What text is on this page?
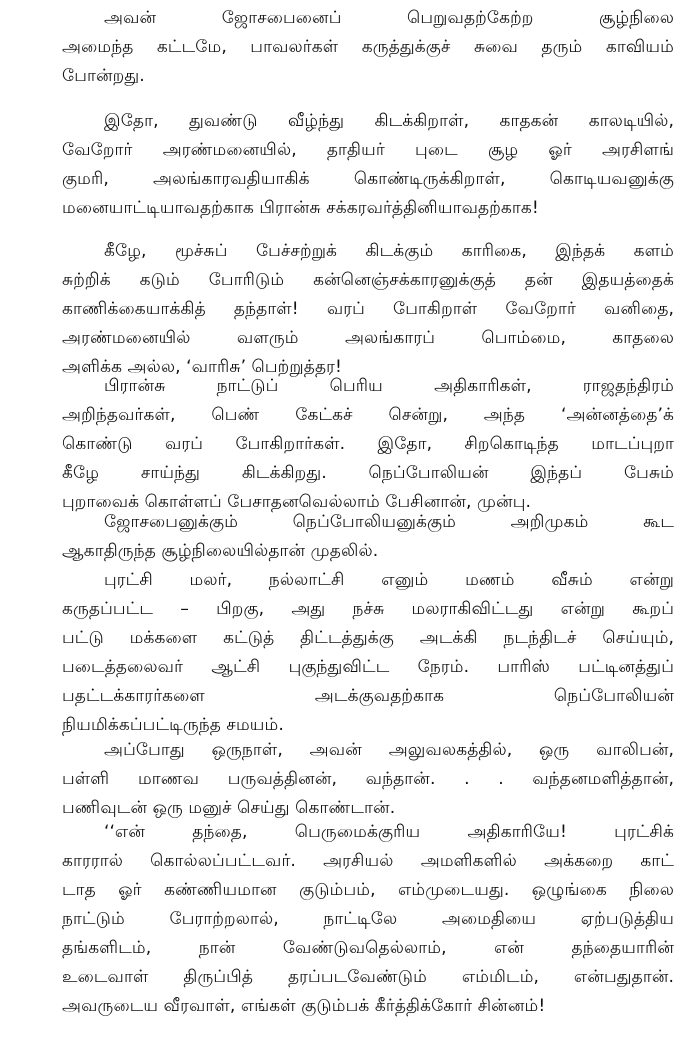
அவன் ஜோசபைனைப் பெறுவதற்கேற்ற சூழ்நிலை
அமைந்த கட்டமே, பாவலர்கள் கருத்துக்குச் சுவை தரும் காவியம்
போன்றது.
இதோ, துவண்டு வீழ்ந்து கிடக்கிறாள், காதகன் காலடியில்,
வேறோர் அரண்மனையில், தாதியர் புடை சூழ ஓர் அரசிளங்
குமரி, அலங்காரவதியாகிக் கொண்டிருக்கிறாள், கொடியவனுக்கு
மனையாட்டியாவதற்காக பிரான்சு சக்கரவர்த்தினியாவதற்காக!
கீழே, மூச்சுப் பேச்சற்றுக் கிடக்கும் காரிகை, இந்தக் களம்
சுற்றிக் கடும் போரிடும் கன்னெஞ்சக்காரனுக்குத் தன் இதயத்தைக்
காணிக்கையாக்கித் தந்தாள்! வரப் போகிறாள் வேறோர் வனிதை,
அரண்மனையில் வளரும் அலங்காரப் பொம்மை, காதலை
அளிக்க அல்ல, ‘வாரிசு’ பெற்றுத்தர!
பிரான்சு நாட்டுப் பெரிய அதிகாரிகள், ராஜதந்திரம்
அறிந்தவர்கள், பெண் கேட்கச் சென்று, அந்த ‘அன்னத்தை’க்
கொண்டு வரப் போகிறார்கள். இதோ, சிறகொடிந்த மாடப்புறா
கீழே சாய்ந்து கிடக்கிறது. நெப்போலியன் இந்தப் பேசும்
புறாவைக் கொள்ளப் பேசாதனவெல்லாம் பேசினான், முன்பு.
ஜோசபைனுக்கும் நெப்போலியனுக்கும் அறிமுகம் கூட
ஆகாதிருந்த சூழ்நிலையில்தான் முதலில்.
புரட்சி மலர், நல்லாட்சி எனும் மணம் வீசும் என்று
கருதப்பட்ட – பிறகு, அது நச்சு மலராகிவிட்டது என்று கூறப்
பட்டு மக்களை கட்டுத் திட்டத்துக்கு அடக்கி நடந்திடச் செய்யும்,
படைத்தலைவர் ஆட்சி புகுந்துவிட்ட நேரம். பாரிஸ் பட்டினத்துப்
பதட்டக்காரர்களை அடக்குவதற்காக நெப்போலியன்
நியமிக்கப்பட்டிருந்த சமயம்.
அப்போது ஒருநாள், அவன் அலுவலகத்தில், ஒரு வாலிபன்,
பள்ளி மாணவ பருவத்தினன், வந்தான். . . வந்தனமளித்தான்,
பணிவுடன் ஒரு மனுச் செய்து கொண்டான்.
‘‘என் தந்தை, பெருமைக்குரிய அதிகாரியே! புரட்சிக்
காரரால் கொல்லப்பட்டவர். அரசியல் அமளிகளில் அக்கறை காட்
டாத ஓர் கண்ணியமான குடும்பம், எம்முடையது. ஒழுங்கை நிலை
நாட்டும் பேராற்றலால், நாட்டிலே அமைதியை ஏற்படுத்திய
தங்களிடம், நான் வேண்டுவதெல்லாம், என் தந்தையாரின்
உடைவாள் திருப்பித் தரப்படவேண்டும் எம்மிடம், என்பதுதான்.
அவருடைய வீரவாள், எங்கள் குடும்பக் கீர்த்திக்கோர் சின்னம்!
